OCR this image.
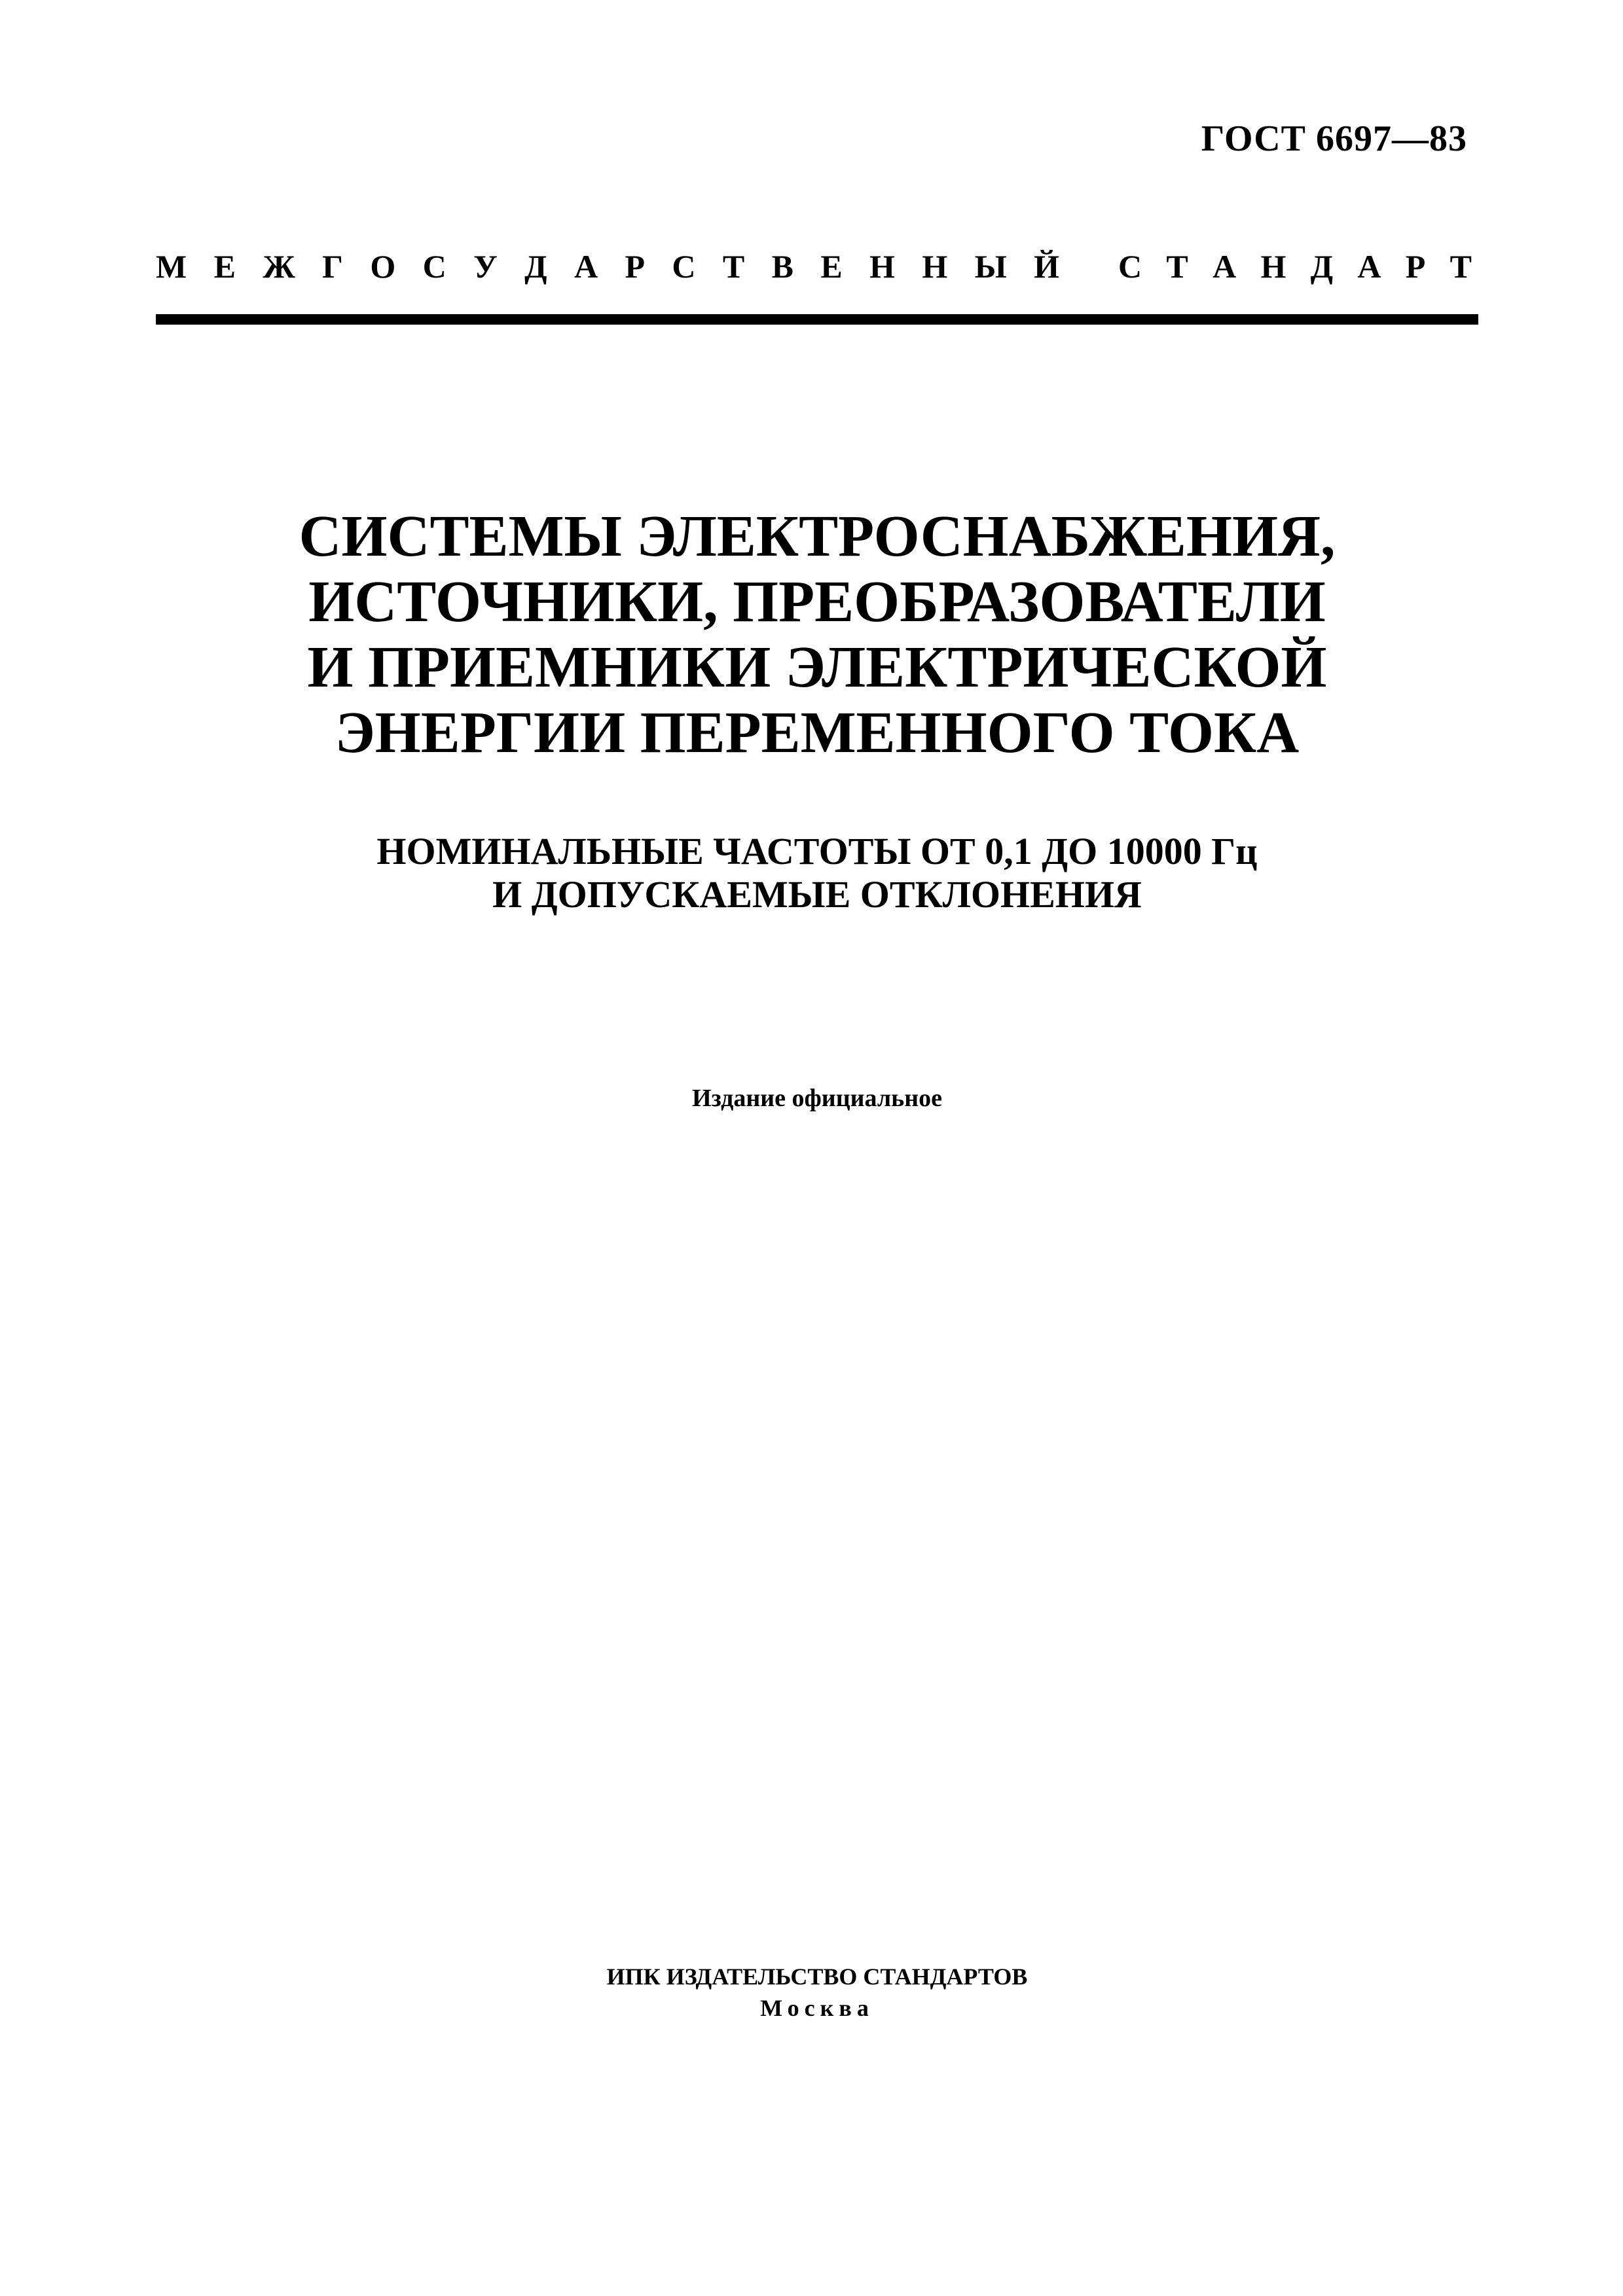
ГОСТ 6697—83
М Е Ж Г О С У Д А Р С Т В Е Н Н Ы Й С Т А Н Д А Р Т
СИСТЕМЫ ЭЛЕКТРОСНАБЖЕНИЯ,
ИСТОЧНИКИ, ПРЕОБРАЗОВАТЕЛИ
И ПРИЕМНИКИ ЭЛЕКТРИЧЕСКОЙ
ЭНЕРГИИ ПЕРЕМЕННОГО ТОКА
НОМИНАЛЬНЫЕ ЧАСТОТЫ ОТ 0,1 ДО 10000 Гц
И ДОПУСКАЕМЫЕ ОТКЛОНЕНИЯ
Издание официальное
ИПК ИЗДАТЕЛЬСТВО СТАНДАРТОВ
Москва
